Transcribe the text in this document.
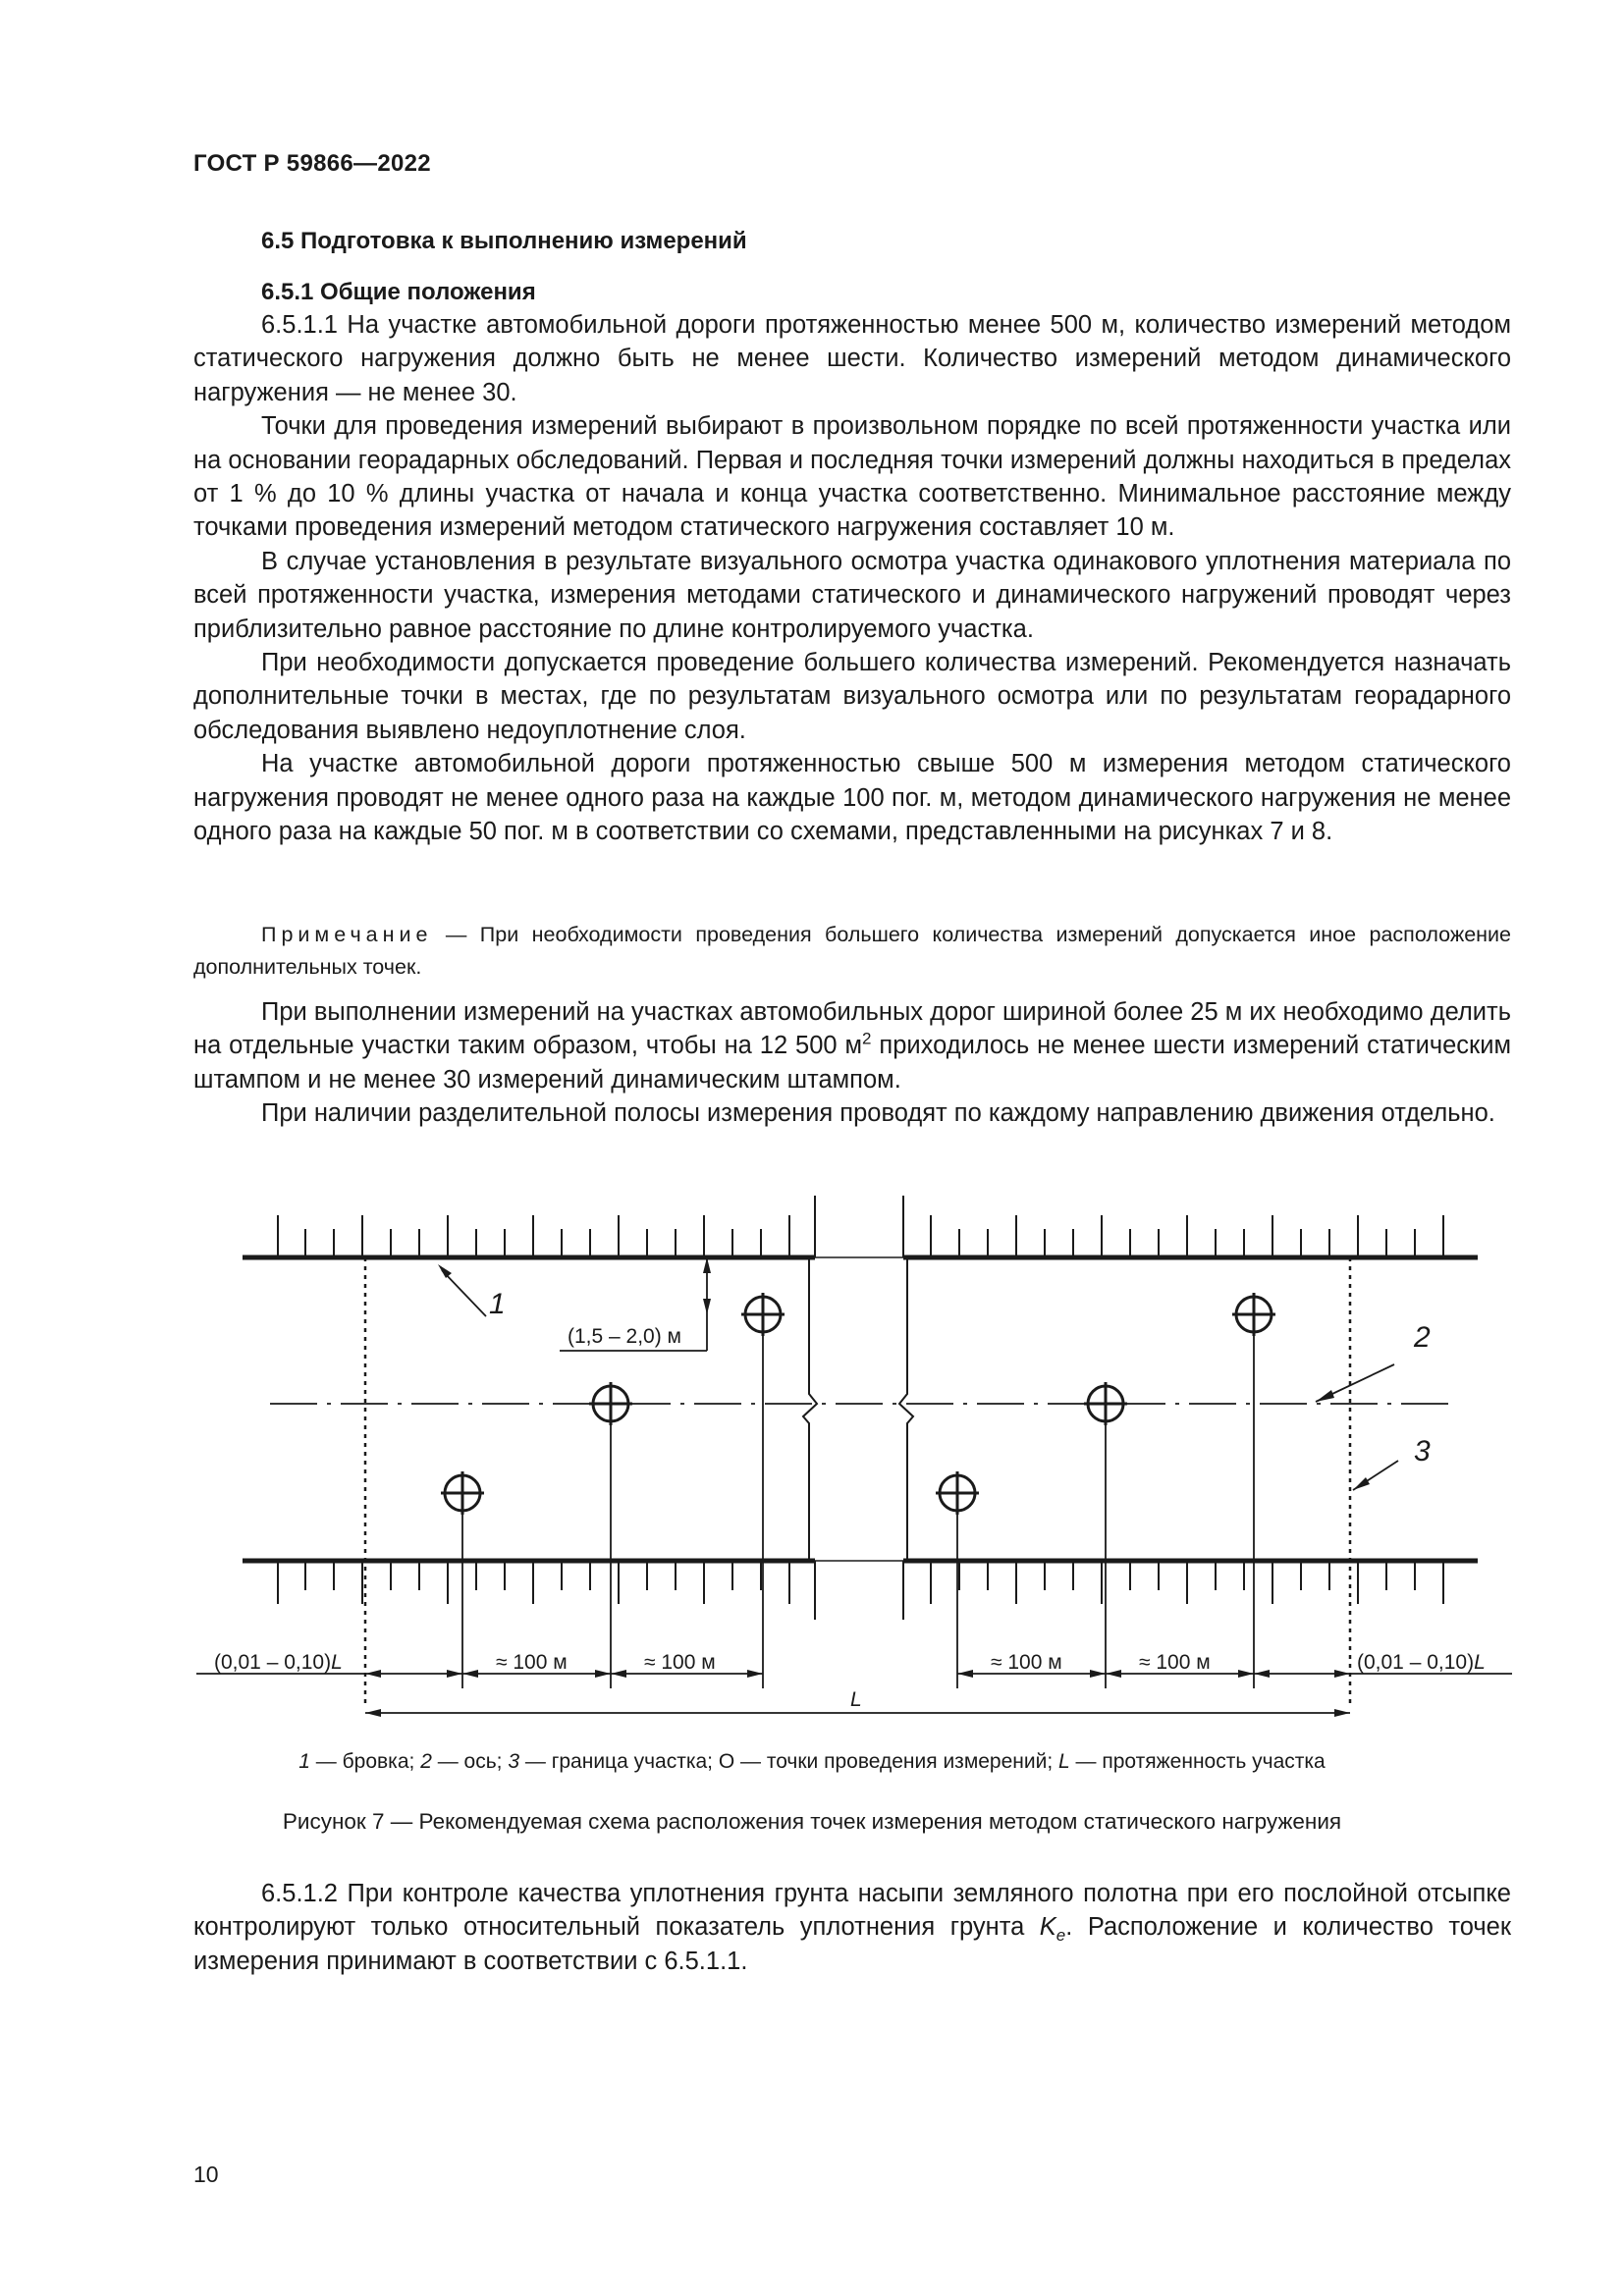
ГОСТ Р 59866—2022
6.5 Подготовка к выполнению измерений
6.5.1 Общие положения

6.5.1.1 На участке автомобильной дороги протяженностью менее 500 м, количество измерений методом статического нагружения должно быть не менее шести. Количество измерений методом динамического нагружения — не менее 30.

Точки для проведения измерений выбирают в произвольном порядке по всей протяженности участка или на основании георадарных обследований. Первая и последняя точки измерений должны находиться в пределах от 1 % до 10 % длины участка от начала и конца участка соответственно. Минимальное расстояние между точками проведения измерений методом статического нагружения составляет 10 м.

В случае установления в результате визуального осмотра участка одинакового уплотнения материала по всей протяженности участка, измерения методами статического и динамического нагружений проводят через приблизительно равное расстояние по длине контролируемого участка.

При необходимости допускается проведение большего количества измерений. Рекомендуется назначать дополнительные точки в местах, где по результатам визуального осмотра или по результатам георадарного обследования выявлено недоуплотнение слоя.

На участке автомобильной дороги протяженностью свыше 500 м измерения методом статического нагружения проводят не менее одного раза на каждые 100 пог. м, методом динамического нагружения не менее одного раза на каждые 50 пог. м в соответствии со схемами, представленными на рисунках 7 и 8.

Примечание — При необходимости проведения большего количества измерений допускается иное расположение дополнительных точек.

При выполнении измерений на участках автомобильных дорог шириной более 25 м их необходимо делить на отдельные участки таким образом, чтобы на 12 500 $м^2$ приходилось не менее шести измерений статическим штампом и не менее 30 измерений динамическим штампом.

При наличии разделительной полосы измерения проводят по каждому направлению движения отдельно.

1
2
3
(1,5 – 2,0) м
(0,01 – 0,10)L	(0,01 – 0,10)L
≈ 100 м	≈ 100 м	≈ 100 м	≈ 100 м
L
1 — бровка; 2 — ось; 3 — граница участка; О — точки проведения измерений; L — протяженность участка
Рисунок 7 — Рекомендуемая схема расположения точек измерения методом статического нагружения

6.5.1.2 При контроле качества уплотнения грунта насыпи земляного полотна при его послойной отсыпке контролируют только относительный показатель уплотнения грунта $K_e$. Расположение и количество точек измерения принимают в соответствии с 6.5.1.1.

10
